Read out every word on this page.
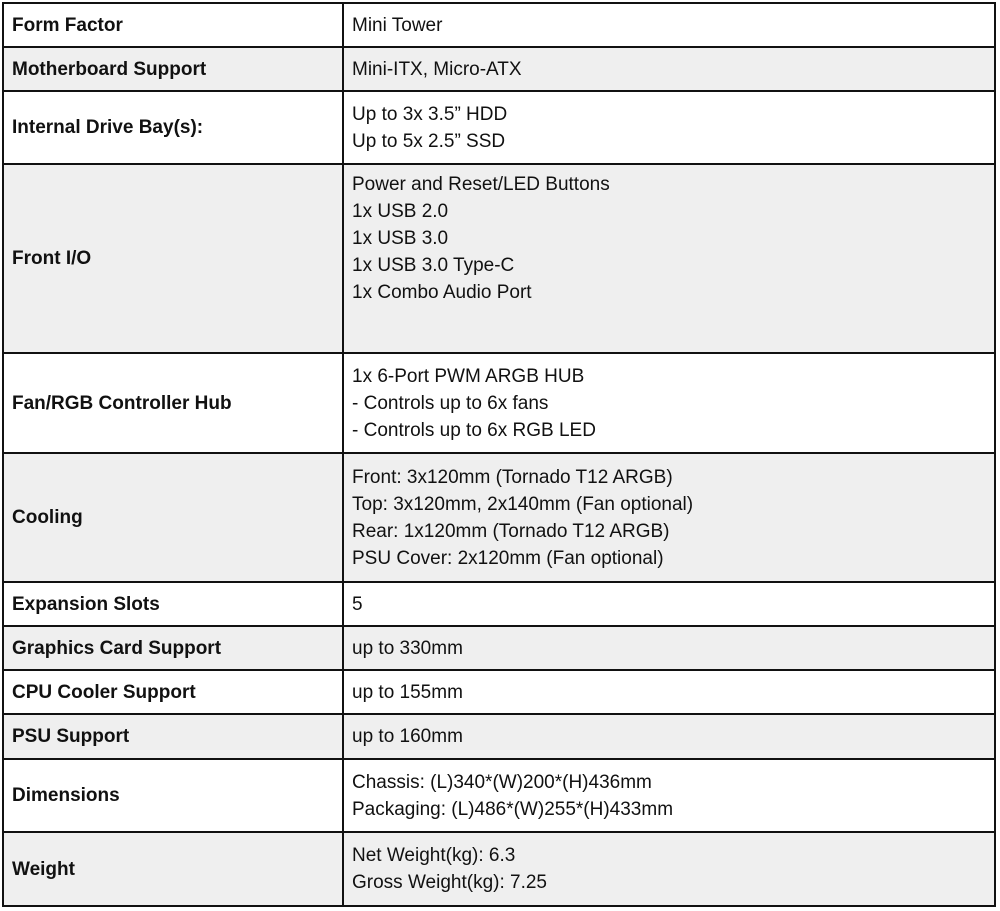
Form Factor	Mini Tower

Motherboard Support	Mini-ITX, Micro-ATX

Internal Drive Bay(s):	Up to 3x 3.5” HDD
Up to 5x 2.5” SSD

Front I/O	Power and Reset/LED Buttons
1x USB 2.0
1x USB 3.0
1x USB 3.0 Type-C
1x Combo Audio Port

Fan/RGB Controller Hub	1x 6-Port PWM ARGB HUB
- Controls up to 6x fans
- Controls up to 6x RGB LED

Cooling	Front: 3x120mm (Tornado T12 ARGB)
Top: 3x120mm, 2x140mm (Fan optional)
Rear: 1x120mm (Tornado T12 ARGB)
PSU Cover: 2x120mm (Fan optional)

Expansion Slots	5

Graphics Card Support	up to 330mm

CPU Cooler Support	up to 155mm

PSU Support	up to 160mm

Dimensions	Chassis: (L)340*(W)200*(H)436mm
Packaging: (L)486*(W)255*(H)433mm

Weight	Net Weight(kg): 6.3
Gross Weight(kg): 7.25
